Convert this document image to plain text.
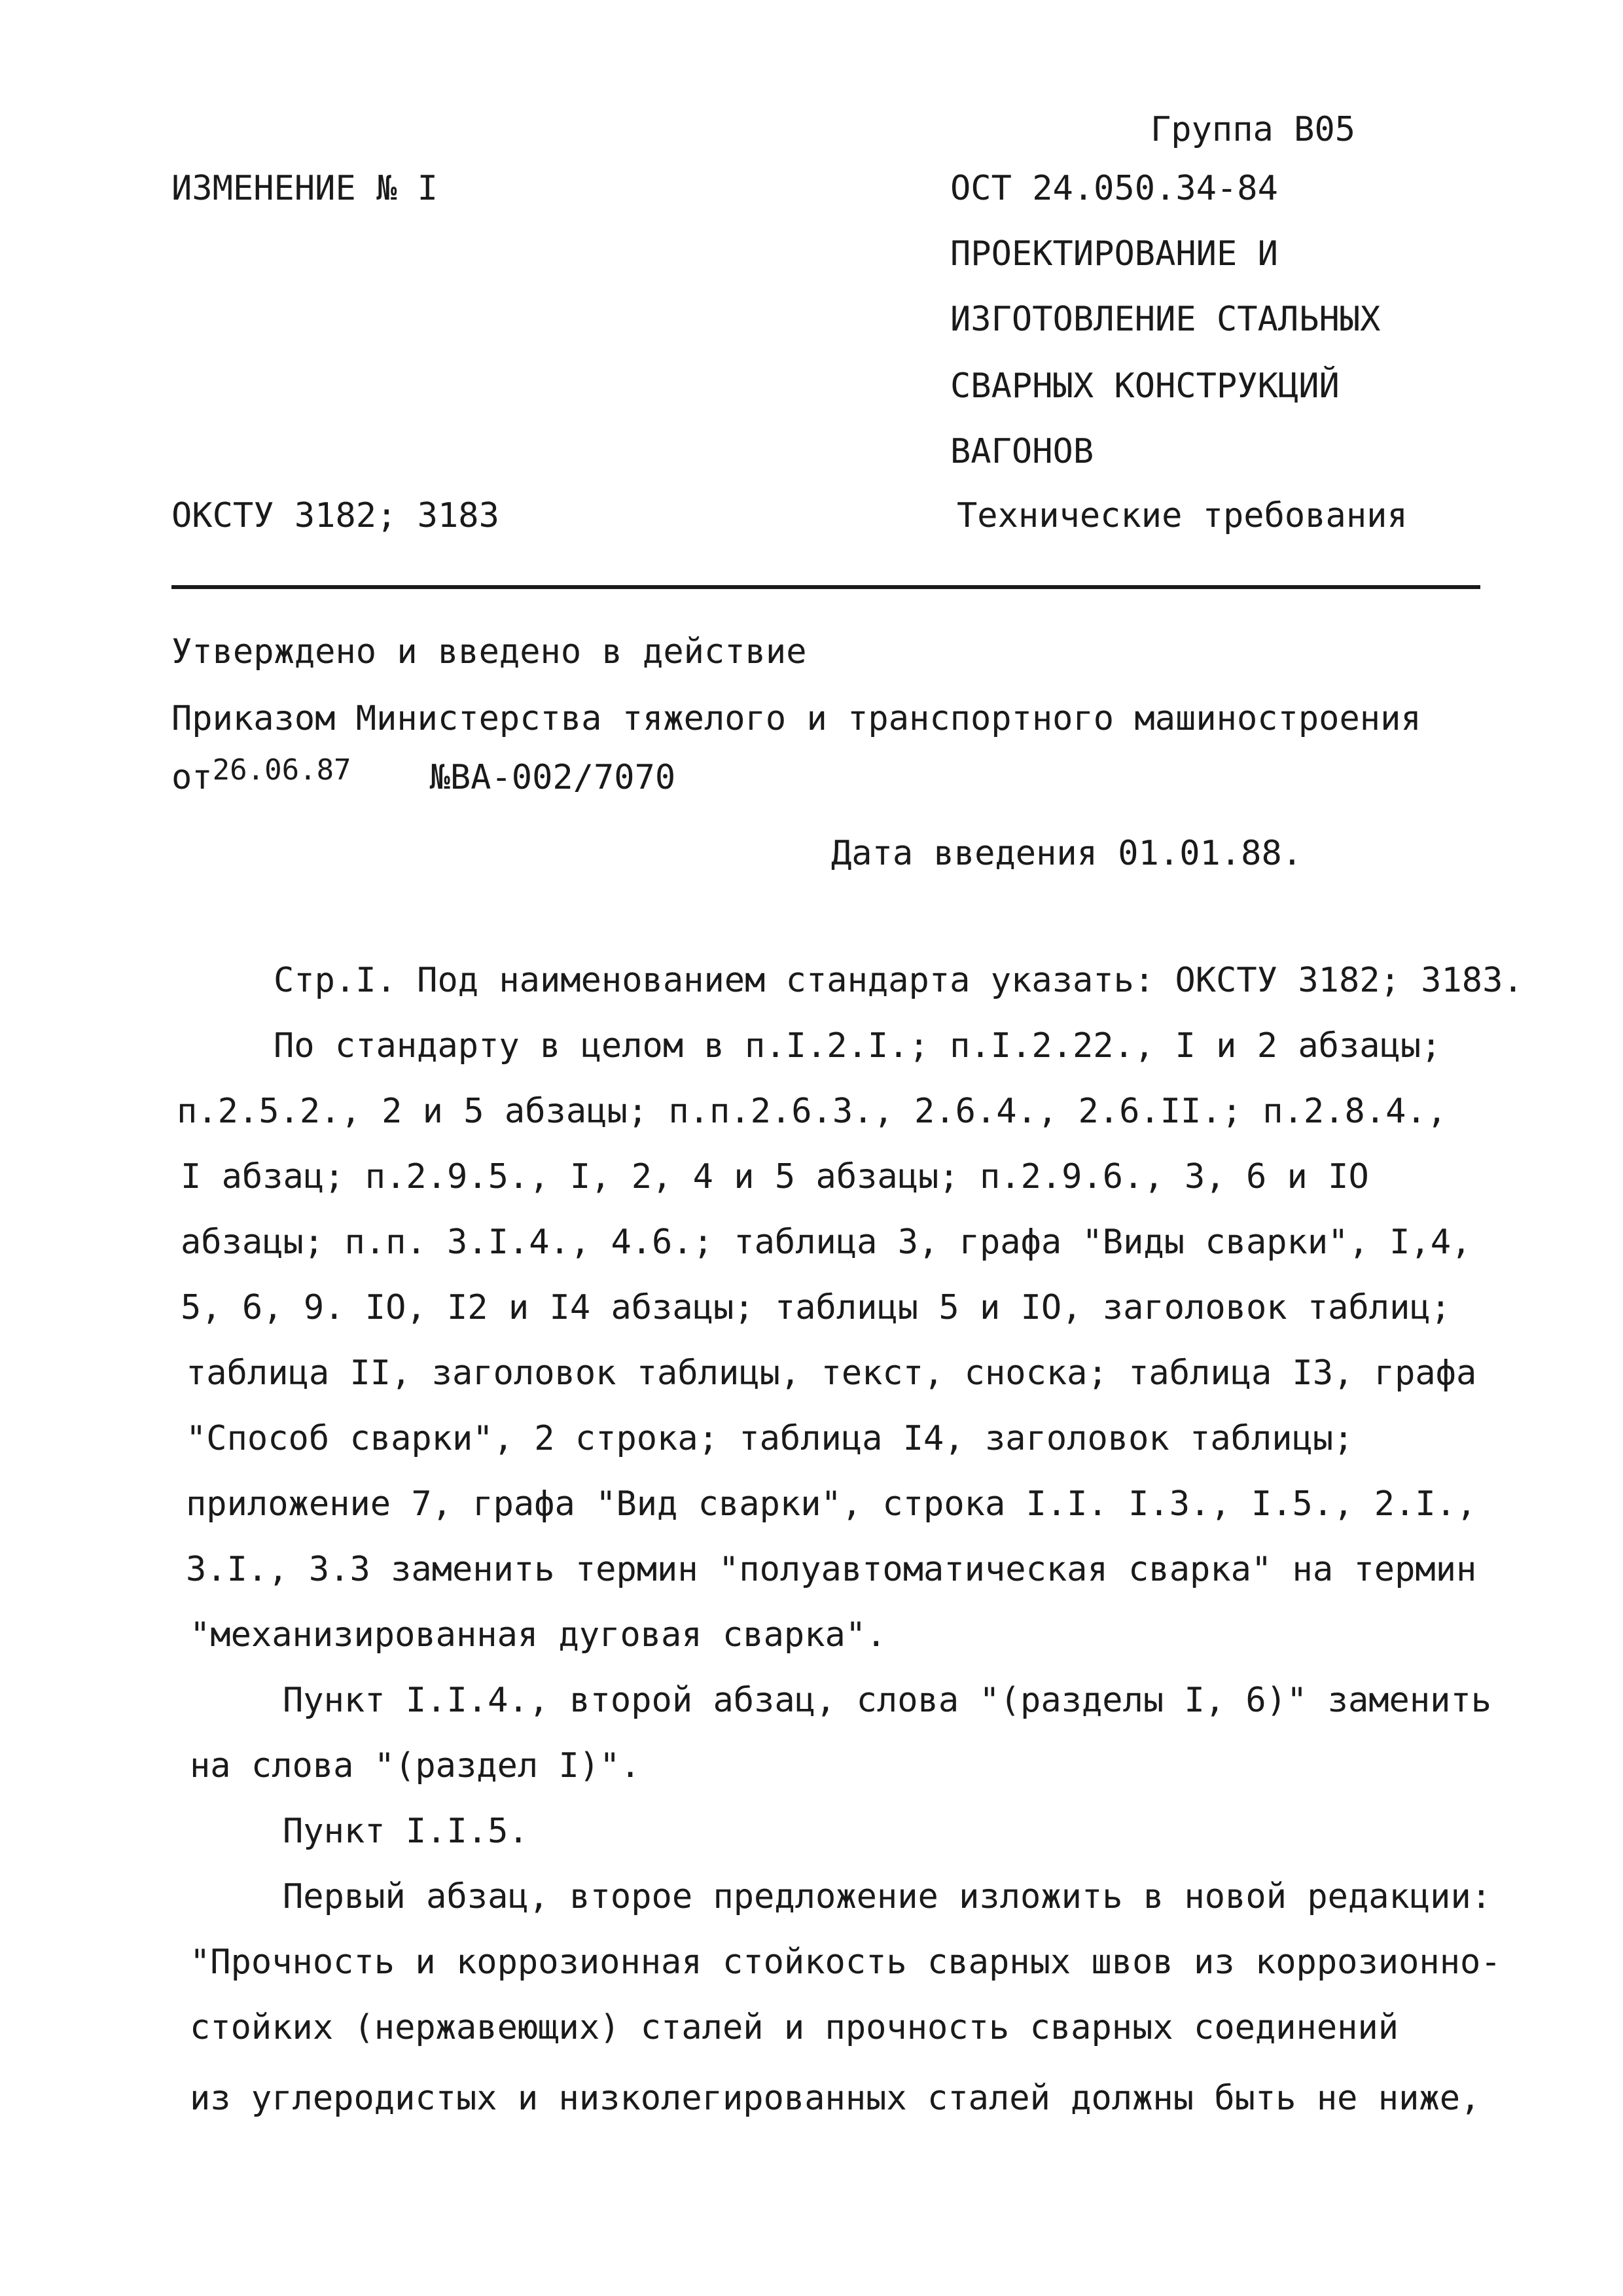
Группа В05
ИЗМЕНЕНИЕ № I	ОСТ 24.050.34-84
ПРОЕКТИРОВАНИЕ И
ИЗГОТОВЛЕНИЕ СТАЛЬНЫХ
СВАРНЫХ КОНСТРУКЦИЙ
ВАГОНОВ
ОКСТУ 3182; 3183	Технические требования
Утверждено и введено в действие
Приказом Министерства тяжелого и транспортного машиностроения
$от^{26.06.87}$ №ВА-002/7070
Дата введения 01.01.88.
Стр.I. Под наименованием стандарта указать: ОКСТУ 3182; 3183.
По стандарту в целом в п.I.2.I.; п.I.2.22., I и 2 абзацы;
п.2.5.2., 2 и 5 абзацы; п.п.2.6.3., 2.6.4., 2.6.II.; п.2.8.4.,
I абзац; п.2.9.5., I, 2, 4 и 5 абзацы; п.2.9.6., 3, 6 и IO
абзацы; п.п. 3.I.4., 4.6.; таблица 3, графа "Виды сварки", I,4,
5, 6, 9. IO, I2 и I4 абзацы; таблицы 5 и IO, заголовок таблиц;
таблица II, заголовок таблицы, текст, сноска; таблица I3, графа
"Способ сварки", 2 строка; таблица I4, заголовок таблицы;
приложение 7, графа "Вид сварки", строка I.I. I.3., I.5., 2.I.,
3.I., 3.3 заменить термин "полуавтоматическая сварка" на термин
"механизированная дуговая сварка".
Пункт I.I.4., второй абзац, слова "(разделы I, 6)" заменить
на слова "(раздел I)".
Пункт I.I.5.
Первый абзац, второе предложение изложить в новой редакции:
"Прочность и коррозионная стойкость сварных швов из коррозионно-
стойких (нержавеющих) сталей и прочность сварных соединений
из углеродистых и низколегированных сталей должны быть не ниже,
